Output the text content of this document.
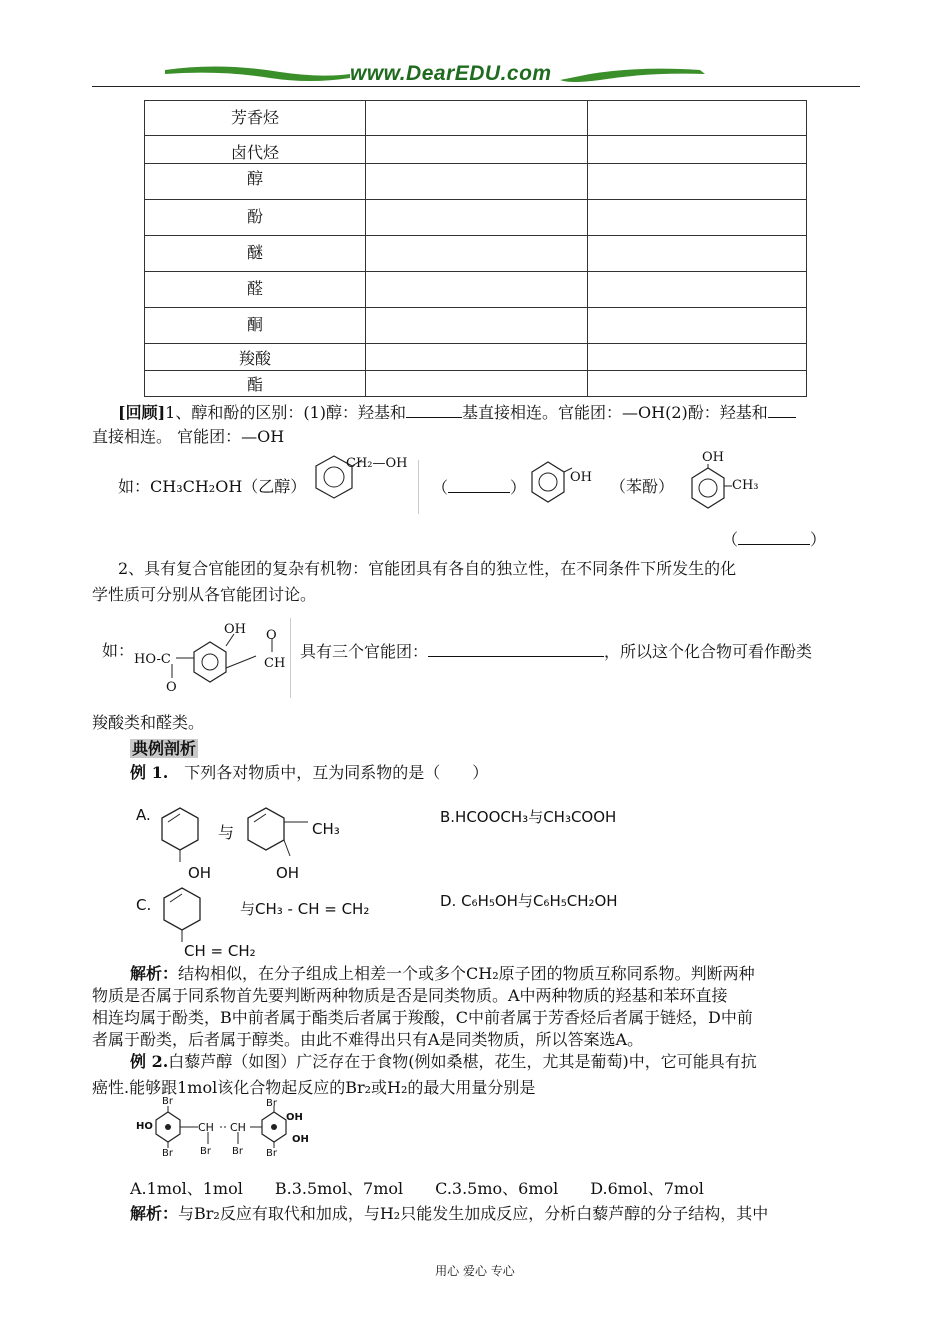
www.DearEDU.com
芳香烃		
卤代烃		
醇		
酚		
醚		
醛		
酮		
羧酸		
酯		
[回顾]1、醇和酚的区别：(1)醇：羟基和	基直接相连。官能团：—OH(2)酚：羟基和
直接相连。 官能团：—OH
如：CH₃CH₂OH（乙醇）
CH₂—OH
（	）
OH （苯酚）
OH
CH₃
（	）
2、具有复合官能团的复杂有机物：官能团具有各自的独立性，在不同条件下所发生的化
学性质可分别从各官能团讨论。
如： HO-C
O
OH O
CH
具有三个官能团：	，所以这个化合物可看作酚类
羧酸类和醛类。
典例剖析
例 1.　 下列各对物质中，互为同系物的是（　　）
A.
OH
与
OH
CH₃
B.HCOOCH₃与CH₃COOH
C.
CH = CH₂
与CH₃ - CH = CH₂	D. C₆H₅OH与C₆H₅CH₂OH
解析：结构相似，在分子组成上相差一个或多个CH₂原子团的物质互称同系物。判断两种
物质是否属于同系物首先要判断两种物质是否是同类物质。A中两种物质的羟基和苯环直接
相连均属于酚类，B中前者属于酯类后者属于羧酸，C中前者属于芳香烃后者属于链烃，D中前
者属于酚类，后者属于醇类。由此不难得出只有A是同类物质，所以答案选A。
例 2.白藜芦醇（如图）广泛存在于食物(例如桑椹，花生，尤其是葡萄)中，它可能具有抗
癌性.能够跟1mol该化合物起反应的Br₂或H₂的最大用量分别是
Br
HO
Br
CH CH
Br Br
Br
OH
OH
Br
A.1mol、1mol　　B.3.5mol、7mol　　C.3.5mo、6mol　　D.6mol、7mol
解析：与Br₂反应有取代和加成，与H₂只能发生加成反应，分析白藜芦醇的分子结构，其中
用心 爱心 专心
